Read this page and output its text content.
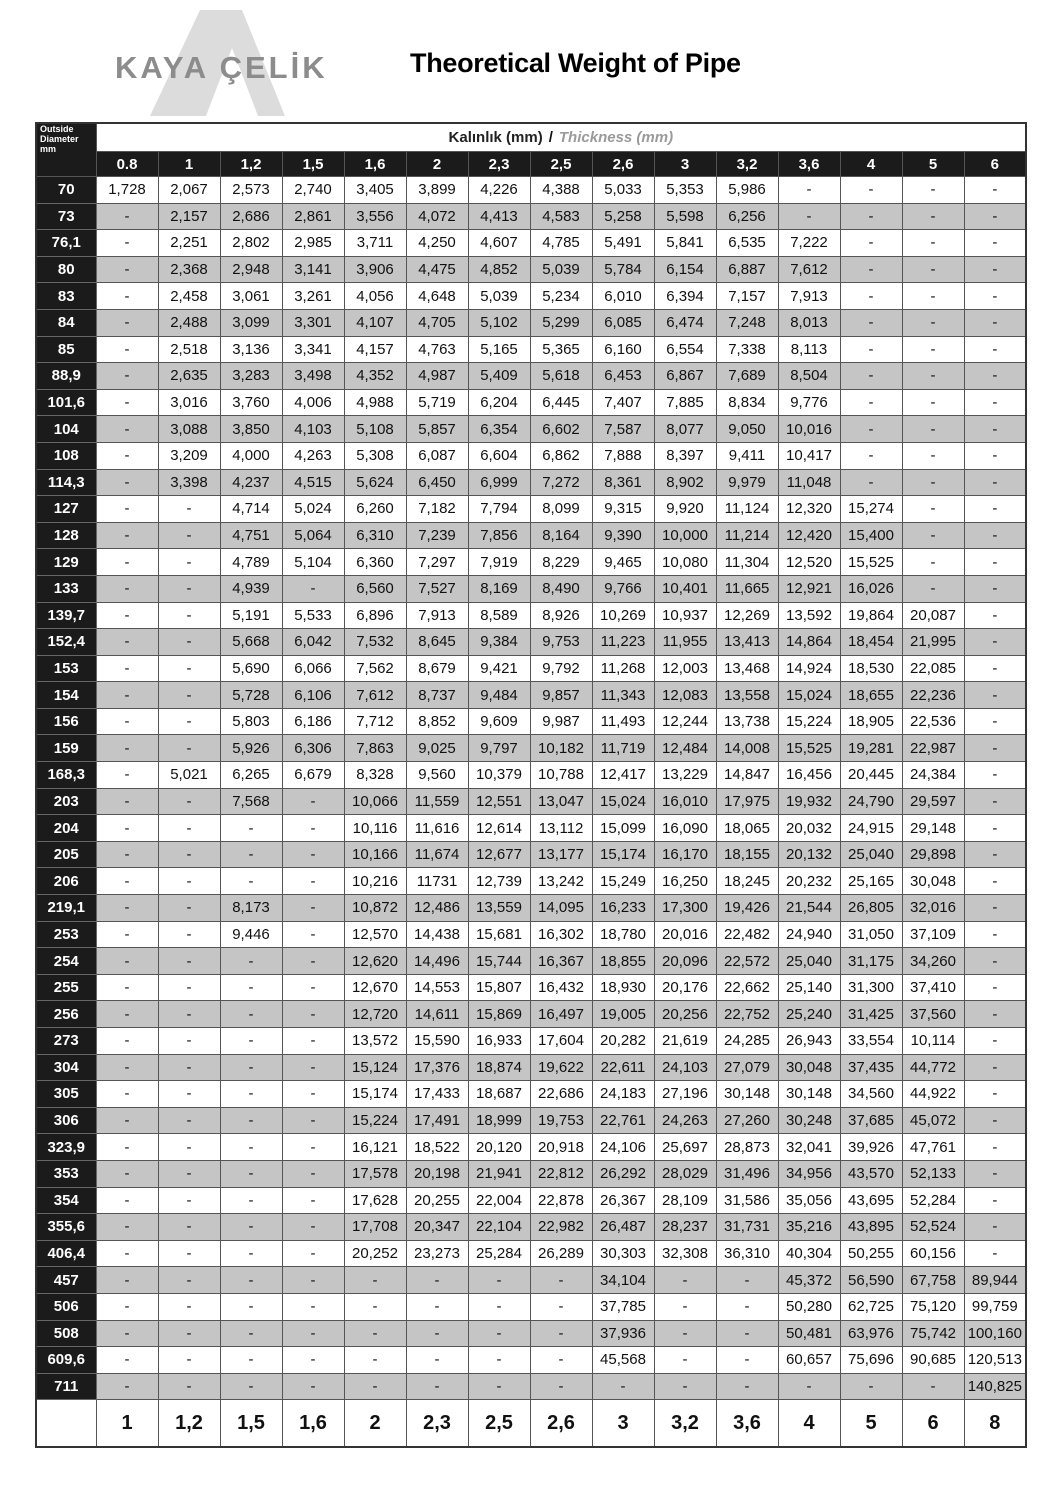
KAYA ÇELİK	Theoretical Weight of Pipe
Outside
Diameter
mm	Kalınlık (mm) / Thickness (mm)														
	0.8	1	1,2	1,5	1,6	2	2,3	2,5	2,6	3	3,2	3,6	4	5	6
70	1,728	2,067	2,573	2,740	3,405	3,899	4,226	4,388	5,033	5,353	5,986	-	-	-	-
73	-	2,157	2,686	2,861	3,556	4,072	4,413	4,583	5,258	5,598	6,256	-	-	-	-
76,1	-	2,251	2,802	2,985	3,711	4,250	4,607	4,785	5,491	5,841	6,535	7,222	-	-	-
80	-	2,368	2,948	3,141	3,906	4,475	4,852	5,039	5,784	6,154	6,887	7,612	-	-	-
83	-	2,458	3,061	3,261	4,056	4,648	5,039	5,234	6,010	6,394	7,157	7,913	-	-	-
84	-	2,488	3,099	3,301	4,107	4,705	5,102	5,299	6,085	6,474	7,248	8,013	-	-	-
85	-	2,518	3,136	3,341	4,157	4,763	5,165	5,365	6,160	6,554	7,338	8,113	-	-	-
88,9	-	2,635	3,283	3,498	4,352	4,987	5,409	5,618	6,453	6,867	7,689	8,504	-	-	-
101,6	-	3,016	3,760	4,006	4,988	5,719	6,204	6,445	7,407	7,885	8,834	9,776	-	-	-
104	-	3,088	3,850	4,103	5,108	5,857	6,354	6,602	7,587	8,077	9,050	10,016	-	-	-
108	-	3,209	4,000	4,263	5,308	6,087	6,604	6,862	7,888	8,397	9,411	10,417	-	-	-
114,3	-	3,398	4,237	4,515	5,624	6,450	6,999	7,272	8,361	8,902	9,979	11,048	-	-	-
127	-	-	4,714	5,024	6,260	7,182	7,794	8,099	9,315	9,920	11,124	12,320	15,274	-	-
128	-	-	4,751	5,064	6,310	7,239	7,856	8,164	9,390	10,000	11,214	12,420	15,400	-	-
129	-	-	4,789	5,104	6,360	7,297	7,919	8,229	9,465	10,080	11,304	12,520	15,525	-	-
133	-	-	4,939	-	6,560	7,527	8,169	8,490	9,766	10,401	11,665	12,921	16,026	-	-
139,7	-	-	5,191	5,533	6,896	7,913	8,589	8,926	10,269	10,937	12,269	13,592	19,864	20,087	-
152,4	-	-	5,668	6,042	7,532	8,645	9,384	9,753	11,223	11,955	13,413	14,864	18,454	21,995	-
153	-	-	5,690	6,066	7,562	8,679	9,421	9,792	11,268	12,003	13,468	14,924	18,530	22,085	-
154	-	-	5,728	6,106	7,612	8,737	9,484	9,857	11,343	12,083	13,558	15,024	18,655	22,236	-
156	-	-	5,803	6,186	7,712	8,852	9,609	9,987	11,493	12,244	13,738	15,224	18,905	22,536	-
159	-	-	5,926	6,306	7,863	9,025	9,797	10,182	11,719	12,484	14,008	15,525	19,281	22,987	-
168,3	-	5,021	6,265	6,679	8,328	9,560	10,379	10,788	12,417	13,229	14,847	16,456	20,445	24,384	-
203	-	-	7,568	-	10,066	11,559	12,551	13,047	15,024	16,010	17,975	19,932	24,790	29,597	-
204	-	-	-	-	10,116	11,616	12,614	13,112	15,099	16,090	18,065	20,032	24,915	29,148	-
205	-	-	-	-	10,166	11,674	12,677	13,177	15,174	16,170	18,155	20,132	25,040	29,898	-
206	-	-	-	-	10,216	11731	12,739	13,242	15,249	16,250	18,245	20,232	25,165	30,048	-
219,1	-	-	8,173	-	10,872	12,486	13,559	14,095	16,233	17,300	19,426	21,544	26,805	32,016	-
253	-	-	9,446	-	12,570	14,438	15,681	16,302	18,780	20,016	22,482	24,940	31,050	37,109	-
254	-	-	-	-	12,620	14,496	15,744	16,367	18,855	20,096	22,572	25,040	31,175	34,260	-
255	-	-	-	-	12,670	14,553	15,807	16,432	18,930	20,176	22,662	25,140	31,300	37,410	-
256	-	-	-	-	12,720	14,611	15,869	16,497	19,005	20,256	22,752	25,240	31,425	37,560	-
273	-	-	-	-	13,572	15,590	16,933	17,604	20,282	21,619	24,285	26,943	33,554	10,114	-
304	-	-	-	-	15,124	17,376	18,874	19,622	22,611	24,103	27,079	30,048	37,435	44,772	-
305	-	-	-	-	15,174	17,433	18,687	22,686	24,183	27,196	30,148	30,148	34,560	44,922	-
306	-	-	-	-	15,224	17,491	18,999	19,753	22,761	24,263	27,260	30,248	37,685	45,072	-
323,9	-	-	-	-	16,121	18,522	20,120	20,918	24,106	25,697	28,873	32,041	39,926	47,761	-
353	-	-	-	-	17,578	20,198	21,941	22,812	26,292	28,029	31,496	34,956	43,570	52,133	-
354	-	-	-	-	17,628	20,255	22,004	22,878	26,367	28,109	31,586	35,056	43,695	52,284	-
355,6	-	-	-	-	17,708	20,347	22,104	22,982	26,487	28,237	31,731	35,216	43,895	52,524	-
406,4	-	-	-	-	20,252	23,273	25,284	26,289	30,303	32,308	36,310	40,304	50,255	60,156	-
457	-	-	-	-	-	-	-	-	34,104	-	-	45,372	56,590	67,758	89,944
506	-	-	-	-	-	-	-	-	37,785	-	-	50,280	62,725	75,120	99,759
508	-	-	-	-	-	-	-	-	37,936	-	-	50,481	63,976	75,742	100,160
609,6	-	-	-	-	-	-	-	-	45,568	-	-	60,657	75,696	90,685	120,513
711	-	-	-	-	-	-	-	-	-	-	-	-	-	-	140,825
	1	1,2	1,5	1,6	2	2,3	2,5	2,6	3	3,2	3,6	4	5	6	8
